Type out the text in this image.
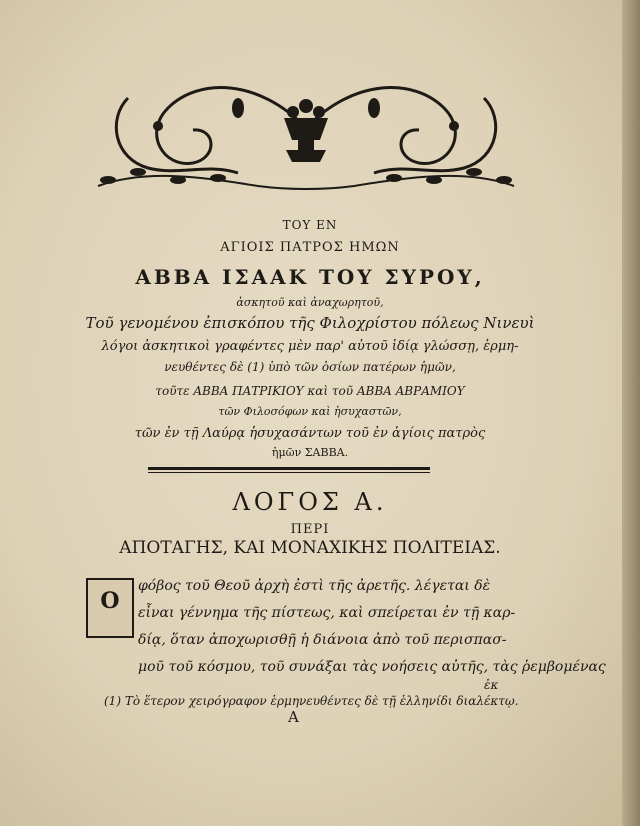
ΤΟΥ ΕΝ
ΑΓΙΟΙΣ ΠΑΤΡΟΣ ΗΜΩΝ
ΑΒΒΑ ΙΣΑΑΚ ΤΟΥ ΣΥΡΟΥ,
ἀσκητοῦ καὶ ἀναχωρητοῦ,
Τοῦ γενομένου ἐπισκόπου τῆς Φιλοχρίστου πόλεως Νινευὶ
λόγοι ἀσκητικοὶ γραφέντες μὲν παρ' αὐτοῦ ἰδίᾳ γλώσσῃ, ἑρμη-
νευθέντες δὲ (1) ὑπὸ τῶν ὁσίων πατέρων ἡμῶν,
τοῦτε ΑΒΒΑ ΠΑΤΡΙΚΙΟΥ καὶ τοῦ ΑΒΒΑ ΑΒΡΑΜΙΟΥ
τῶν Φιλοσόφων καὶ ἡσυχαστῶν,
τῶν ἐν τῇ Λαύρᾳ ἡσυχασάντων τοῦ ἐν ἁγίοις πατρὸς
ἡμῶν ΣΑΒΒΑ.
ΛΟΓΟΣ Α.
ΠΕΡΙ
ΑΠΟΤΑΓΗΣ, ΚΑΙ ΜΟΝΑΧΙΚΗΣ ΠΟΛΙΤΕΙΑΣ.
Ο
φόβος τοῦ Θεοῦ ἀρχὴ ἐστὶ τῆς ἀρετῆς. λέγεται δὲ
εἶναι γέννημα τῆς πίστεως, καὶ σπείρεται ἐν τῇ καρ-
δίᾳ, ὅταν ἀποχωρισθῇ ἡ διάνοια ἀπὸ τοῦ περισπασ-
μοῦ τοῦ κόσμου, τοῦ συνάξαι τὰς νοήσεις αὐτῆς, τὰς ῥεμβομένας
ἐκ
(1) Τὸ ἕτερον χειρόγραφον ἑρμηνευθέντες δὲ τῇ ἑλληνίδι διαλέκτῳ.
Α
